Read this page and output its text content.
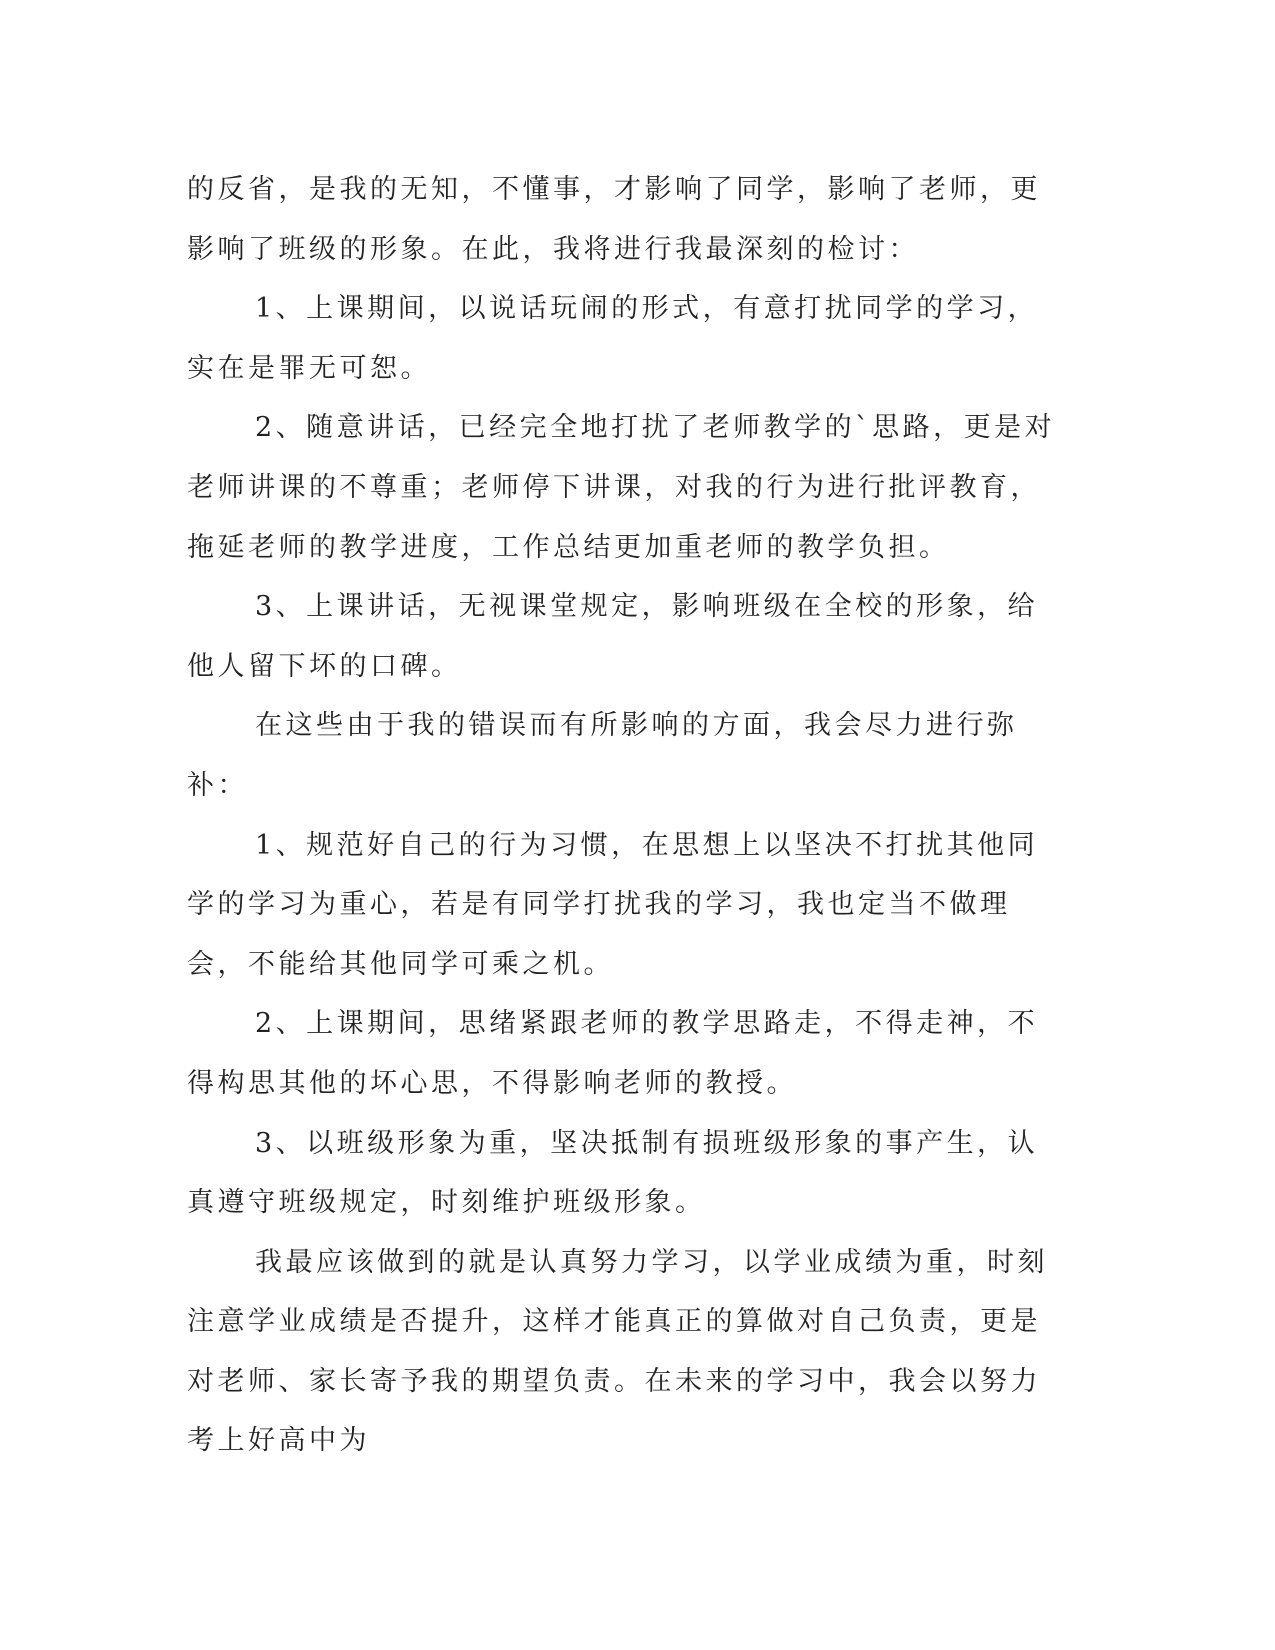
的反省，是我的无知，不懂事，才影响了同学，影响了老师，更影响了班级的形象。在此，我将进行我最深刻的检讨：

1、上课期间，以说话玩闹的形式，有意打扰同学的学习，实在是罪无可恕。

2、随意讲话，已经完全地打扰了老师教学的`思路，更是对老师讲课的不尊重；老师停下讲课，对我的行为进行批评教育，拖延老师的教学进度，工作总结更加重老师的教学负担。

3、上课讲话，无视课堂规定，影响班级在全校的形象，给他人留下坏的口碑。

在这些由于我的错误而有所影响的方面，我会尽力进行弥补：

1、规范好自己的行为习惯，在思想上以坚决不打扰其他同学的学习为重心，若是有同学打扰我的学习，我也定当不做理会，不能给其他同学可乘之机。

2、上课期间，思绪紧跟老师的教学思路走，不得走神，不得构思其他的坏心思，不得影响老师的教授。

3、以班级形象为重，坚决抵制有损班级形象的事产生，认真遵守班级规定，时刻维护班级形象。

我最应该做到的就是认真努力学习，以学业成绩为重，时刻注意学业成绩是否提升，这样才能真正的算做对自己负责，更是对老师、家长寄予我的期望负责。在未来的学习中，我会以努力考上好高中为
